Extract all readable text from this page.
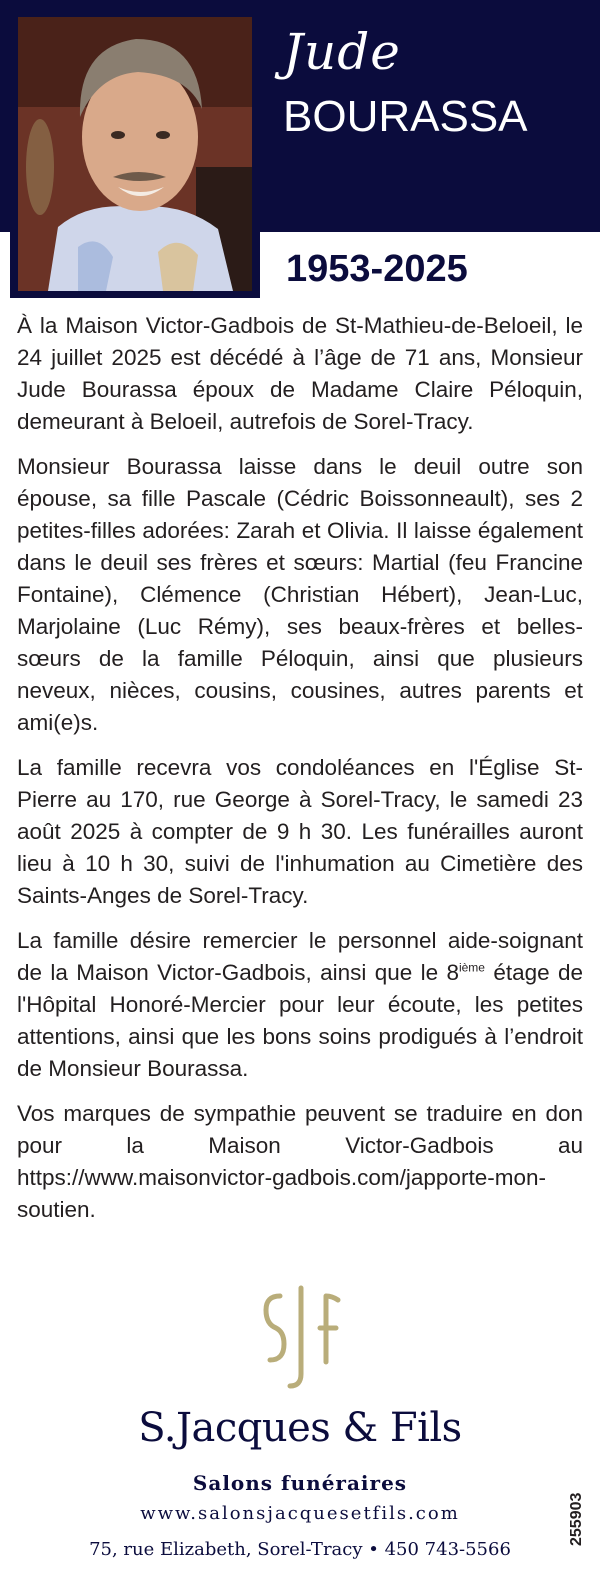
Jude
BOURASSA
1953-2025

À la Maison Victor-Gadbois de St-Mathieu-de-Beloeil, le 24 juillet 2025 est décédé à l’âge de 71 ans, Monsieur Jude Bourassa époux de Madame Claire Péloquin, demeurant à Beloeil, autrefois de Sorel-Tracy.

Monsieur Bourassa laisse dans le deuil outre son épouse, sa fille Pascale (Cédric Boissonneault), ses 2 petites-filles adorées: Zarah et Olivia. Il laisse également dans le deuil ses frères et sœurs: Martial (feu Francine Fontaine), Clémence (Christian Hébert), Jean-Luc, Marjolaine (Luc Rémy), ses beaux-frères et belles-sœurs de la famille Péloquin, ainsi que plusieurs neveux, nièces, cousins, cousines, autres parents et ami(e)s.

La famille recevra vos condoléances en l'Église St-Pierre au 170, rue George à Sorel-Tracy, le samedi 23 août 2025 à compter de 9 h 30. Les funérailles auront lieu à 10 h 30, suivi de l'inhumation au Cimetière des Saints-Anges de Sorel-Tracy.

La famille désire remercier le personnel aide-soignant de la Maison Victor-Gadbois, ainsi que le 8ième étage de l'Hôpital Honoré-Mercier pour leur écoute, les petites attentions, ainsi que les bons soins prodigués à l’endroit de Monsieur Bourassa.

Vos marques de sympathie peuvent se traduire en don pour la Maison Victor-Gadbois au https://www.maisonvictor-gadbois.com/japporte-mon-soutien.

S.Jacques & Fils
Salons funéraires
www.salonsjacquesetfils.com
75, rue Elizabeth, Sorel-Tracy • 450 743-5566
255903
